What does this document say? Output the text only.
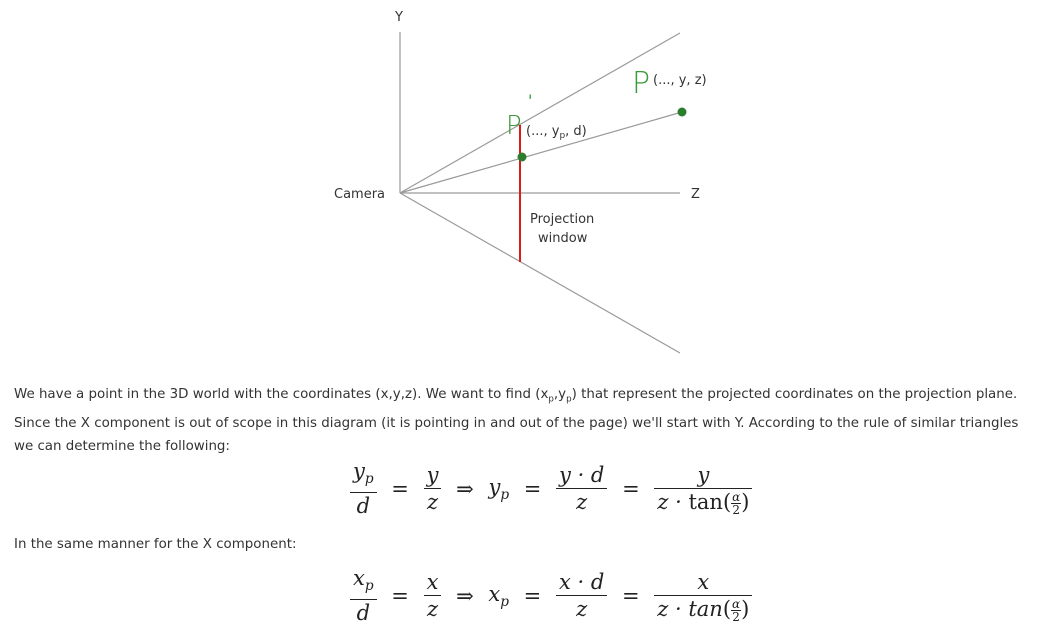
Y
Z
Camera
P (..., y, z)
P
'
(..., $y_p$, d)
Projection
window
We have a point in the 3D world with the coordinates (x,y,z). We want to find $(x_p,y_p)$ that represent the projected coordinates on the projection plane. Since the X component is out of scope in this diagram (it is pointing in and out of the page) we'll start with Y. According to the rule of similar triangles we can determine the following:
$\frac{y_p}{d} = \frac{y}{z}$ ⇒ $y_p = \frac{y \cdot d}{z} = \frac{y}{z \cdot \tan( \frac{\alpha}{2} )}$
In the same manner for the X component:
$\frac{x_p}{d} = \frac{x}{z}$ ⇒ $x_p = \frac{x \cdot d}{z} = \frac{x}{z \cdot \tan( \frac{\alpha}{2} )}$
